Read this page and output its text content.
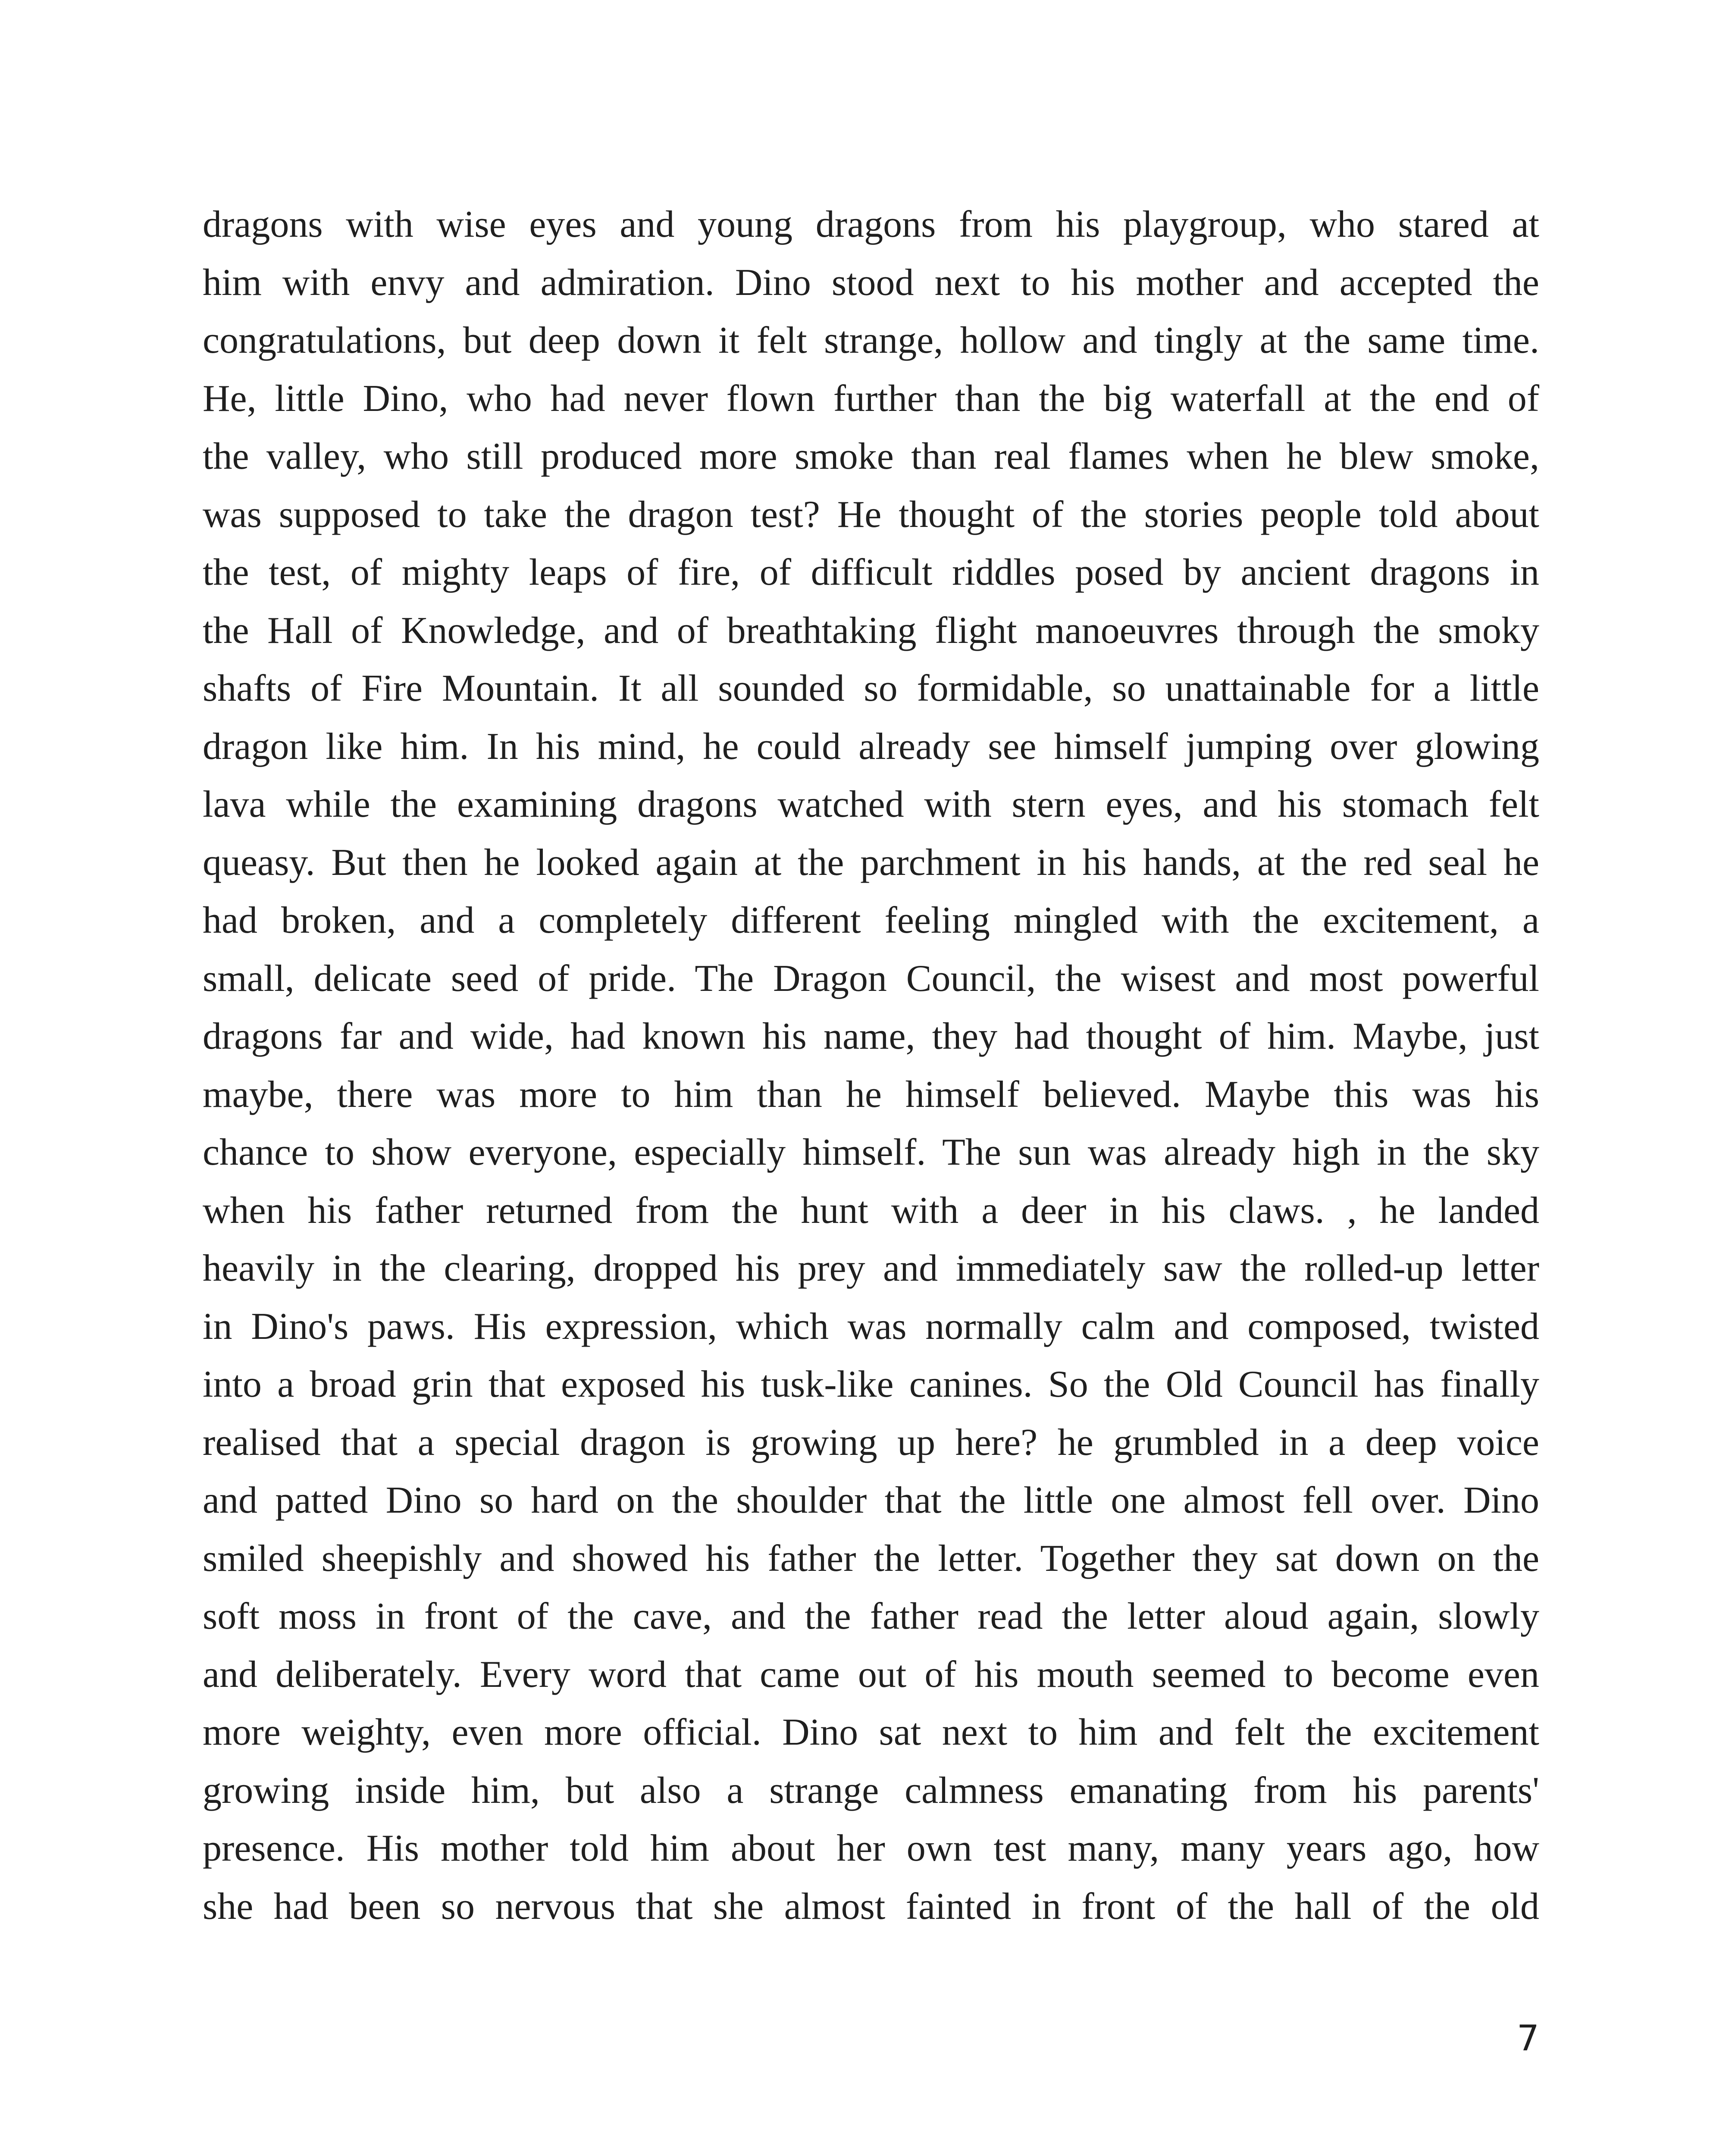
dragons with wise eyes and young dragons from his playgroup, who stared at
him with envy and admiration. Dino stood next to his mother and accepted the
congratulations, but deep down it felt strange, hollow and tingly at the same time.
He, little Dino, who had never flown further than the big waterfall at the end of
the valley, who still produced more smoke than real flames when he blew smoke,
was supposed to take the dragon test? He thought of the stories people told about
the test, of mighty leaps of fire, of difficult riddles posed by ancient dragons in
the Hall of Knowledge, and of breathtaking flight manoeuvres through the smoky
shafts of Fire Mountain. It all sounded so formidable, so unattainable for a little
dragon like him. In his mind, he could already see himself jumping over glowing
lava while the examining dragons watched with stern eyes, and his stomach felt
queasy. But then he looked again at the parchment in his hands, at the red seal he
had broken, and a completely different feeling mingled with the excitement, a
small, delicate seed of pride. The Dragon Council, the wisest and most powerful
dragons far and wide, had known his name, they had thought of him. Maybe, just
maybe, there was more to him than he himself believed. Maybe this was his
chance to show everyone, especially himself. The sun was already high in the sky
when his father returned from the hunt with a deer in his claws. , he landed
heavily in the clearing, dropped his prey and immediately saw the rolled-up letter
in Dino's paws. His expression, which was normally calm and composed, twisted
into a broad grin that exposed his tusk-like canines. So the Old Council has finally
realised that a special dragon is growing up here? he grumbled in a deep voice
and patted Dino so hard on the shoulder that the little one almost fell over. Dino
smiled sheepishly and showed his father the letter. Together they sat down on the
soft moss in front of the cave, and the father read the letter aloud again, slowly
and deliberately. Every word that came out of his mouth seemed to become even
more weighty, even more official. Dino sat next to him and felt the excitement
growing inside him, but also a strange calmness emanating from his parents'
presence. His mother told him about her own test many, many years ago, how
she had been so nervous that she almost fainted in front of the hall of the old
7
